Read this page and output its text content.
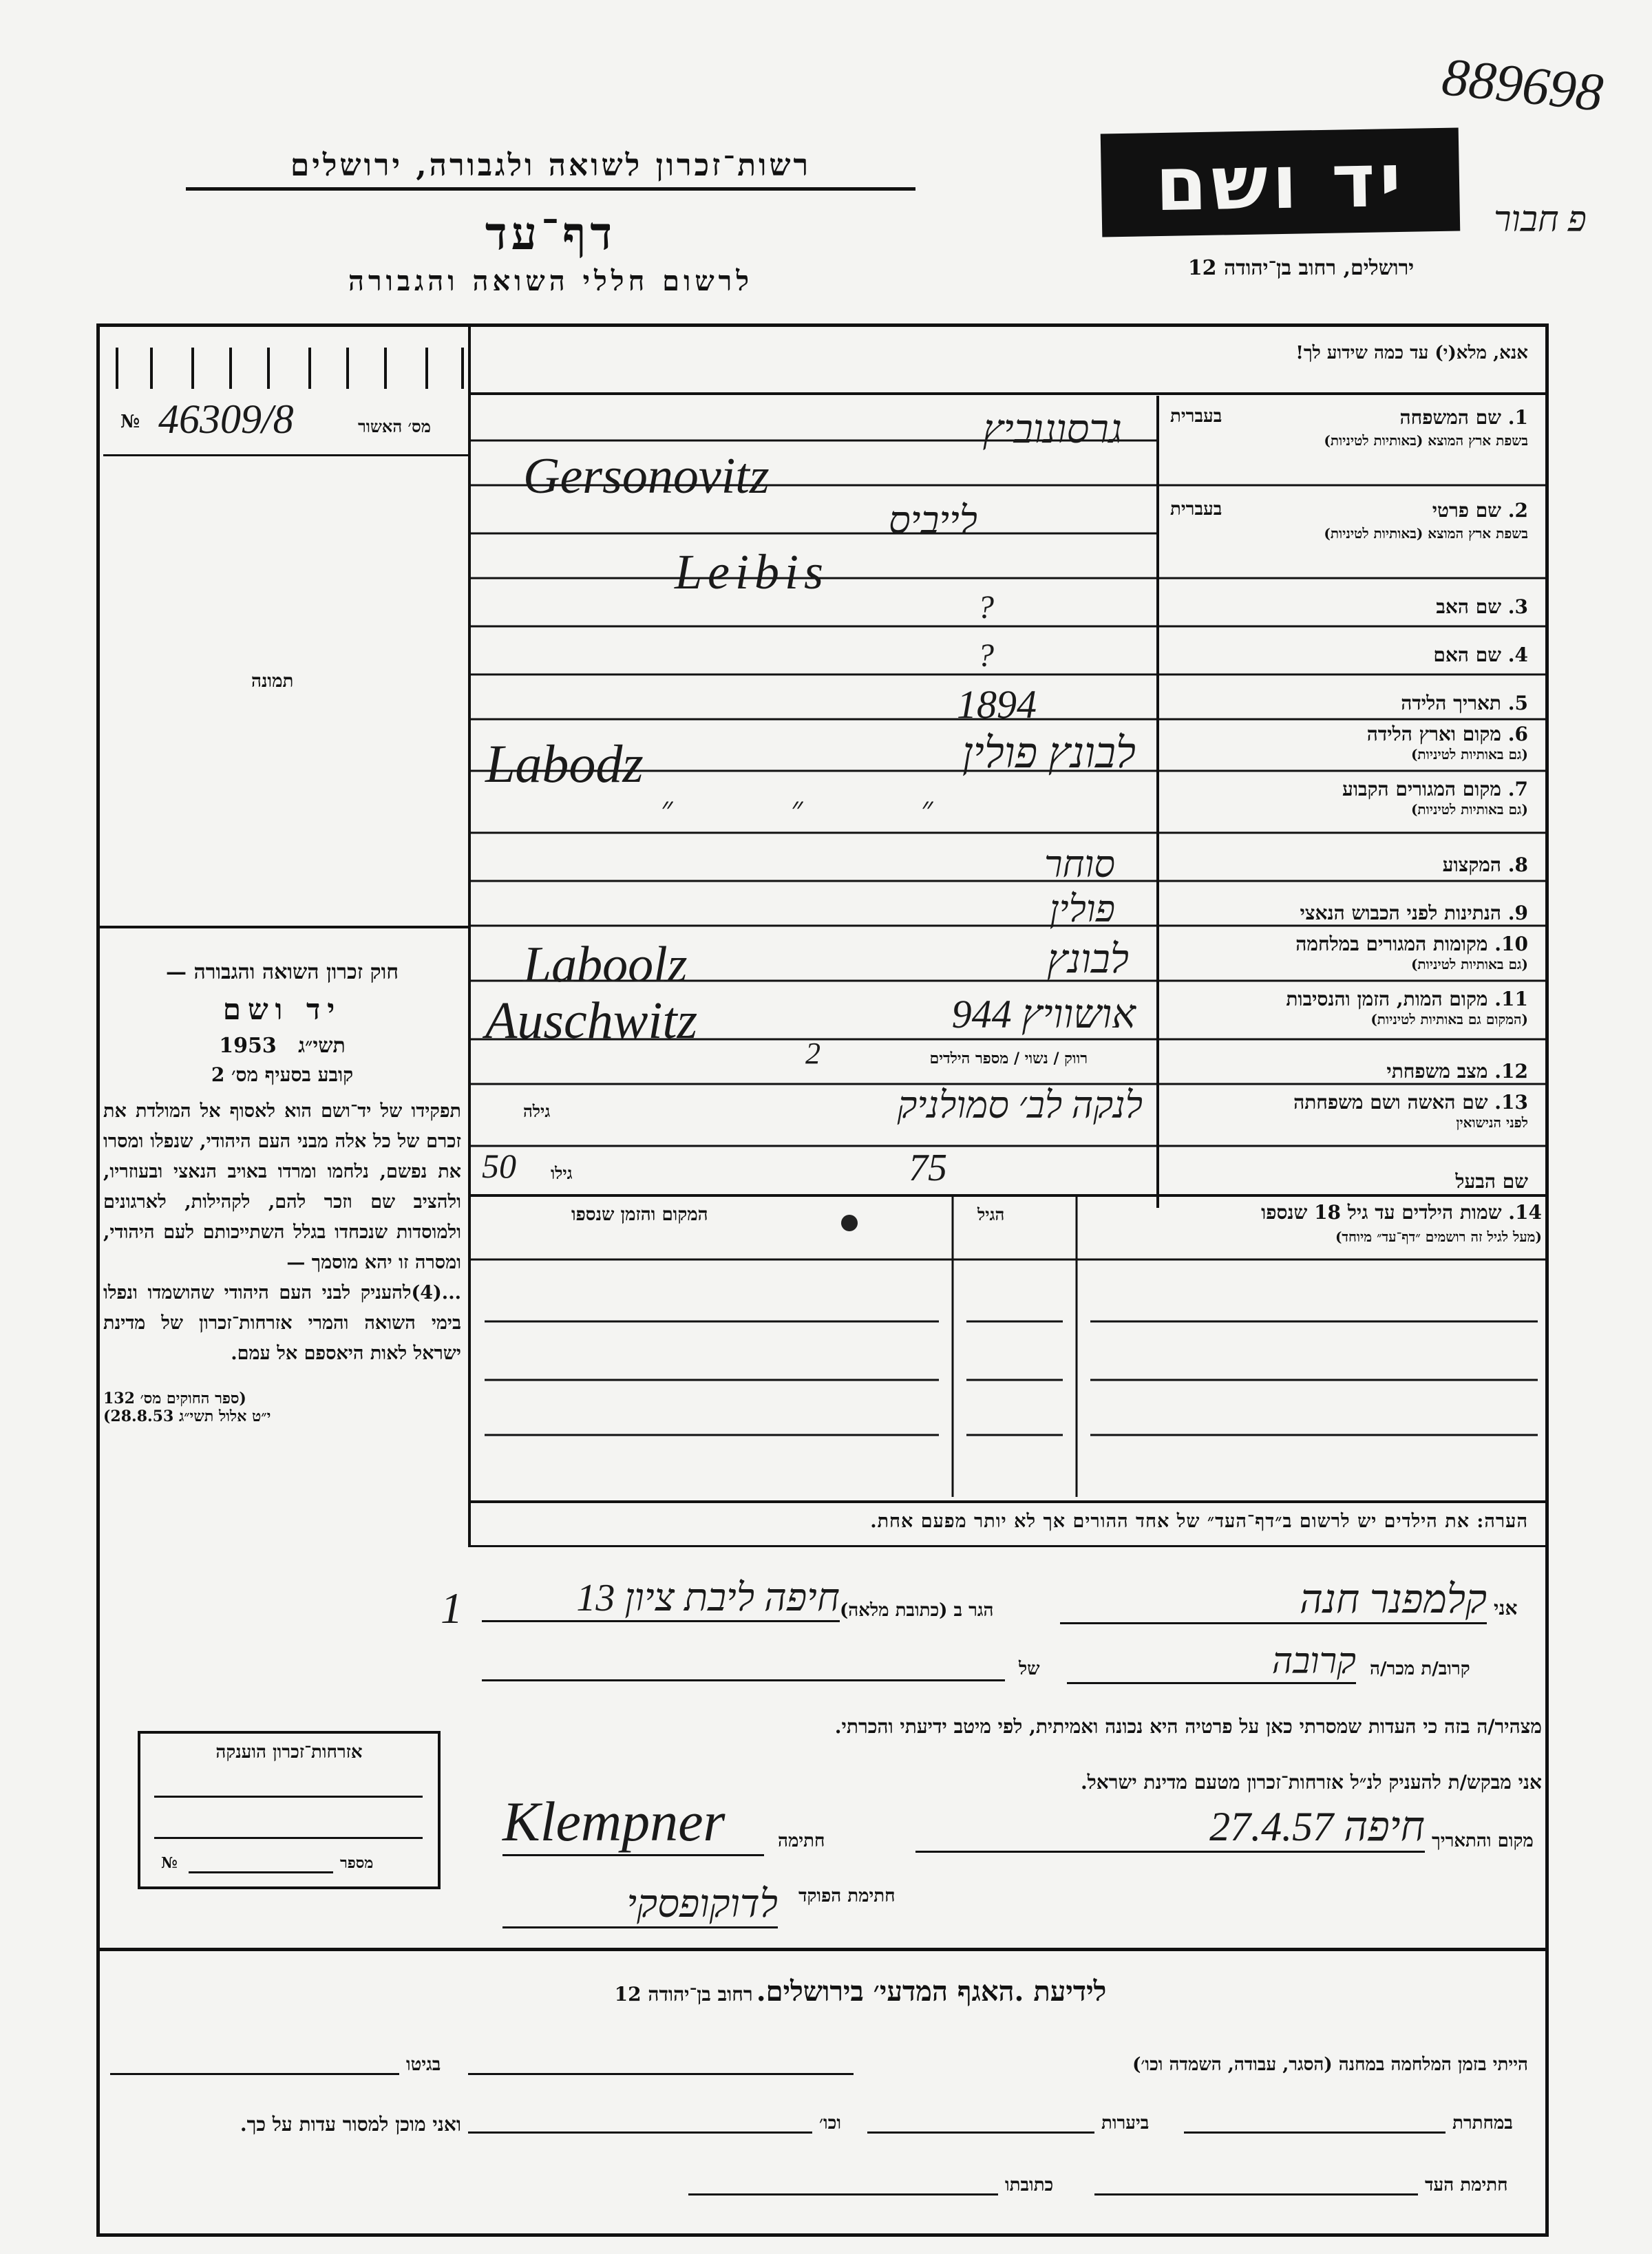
889698
פ חבור
יד ושם
ירושלים, רחוב בן־יהודה 12
רשות־זכרון לשואה ולגבורה, ירושלים
דף־עד
לרשום חללי השואה והגבורה
אנא, מלא(י) עד כמה שידוע לך!
מס׳ האשור
46309/8
№
תמונה
1. שם המשפחה
בעברית
בשפת ארץ המוצא (באותיות לטיניות)
2. שם פרטי
בעברית
בשפת ארץ המוצא (באותיות לטיניות)
3. שם האב
4. שם האם
5. תאריך הלידה
6. מקום וארץ הלידה
(גם באותיות לטיניות)
7. מקום המגורים הקבוע
(גם באותיות לטיניות)
8. המקצוע
9. הנתינות לפני הכבוש הנאצי
10. מקומות המגורים במלחמה
(גם באותיות לטיניות)
11. מקום המות, הזמן והנסיבות
(המקום גם באותיות לטיניות)
12. מצב משפחתי
13. שם האשה ושם משפחתה
לפני הנישואין
שם הבעל
גרסונוביץ
Gersonovitz
לייביס
Leibis
?
?
1894
לבונץ פולין
Labodz
״ ״ ״
סוחר
פולין
לבונץ
Laboolz
אושוויץ 944
Auschwitz
רווק / נשוי / מספר הילדים
2
גילה	לנקה לב׳ סמולניק
גילו
50	75
14. שמות הילדים עד גיל 18 שנספו
(מעל לגיל זה רושמים ״דף־עד״ מיוחד)
הגיל
המקום והזמן שנספו
חוק זכרון השואה והגבורה —
יד ושם
תשי״ג   1953
קובע בסעיף מס׳ 2
תפקידו של יד־ושם הוא לאסוף אל המולדת את זכרם של כל אלה מבני העם היהודי, שנפלו ומסרו את נפשם, נלחמו ומרדו באויב הנאצי ובעוזריו, ולהציב שם וזכר להם, לקהילות, לארגונים ולמוסדות שנכחדו בגלל השתייכותם לעם היהודי, ומסרה זו יהא מוסמך —
...(4)להעניק לבני העם היהודי שהושמדו ונפלו בימי השואה והמרי אזרחות־זכרון של מדינת ישראל לאות היאספם אל עמם.
(ספר החוקים מס׳ 132
י״ט אלול תשי״ג 28.8.53)
הערה: את הילדים יש לרשום ב״דף־העד״ של אחד ההורים אך לא יותר מפעם אחת.
אני
קלמפנר חנה
הגר ב (כתובת מלאה)
חיפה ליבת ציון 13
1
קרוב/ת מכר/ה
קרובה
של
מצהיר/ה בזה כי העדות שמסרתי כאן על פרטיה היא נכונה ואמיתית, לפי מיטב ידיעתי והכרתי.
אני מבקש/ת להעניק לנ״ל אזרחות־זכרון מטעם מדינת ישראל.
מקום והתאריך
חיפה 27.4.57
חתימה
Klempner
חתימת הפוקד
לדוקופסקי
אזרחות־זכרון הוענקה
מספר
№
לידיעת .האגף המדעי׳ בירושלים. רחוב בן־יהודה 12
הייתי בזמן המלחמה במחנה (הסגר, עבודה, השמדה וכו׳)
בגיטו
במחתרת
ביערות
וכו׳
ואני מוכן למסור עדות על כך.
חתימת העד
כתובתו
